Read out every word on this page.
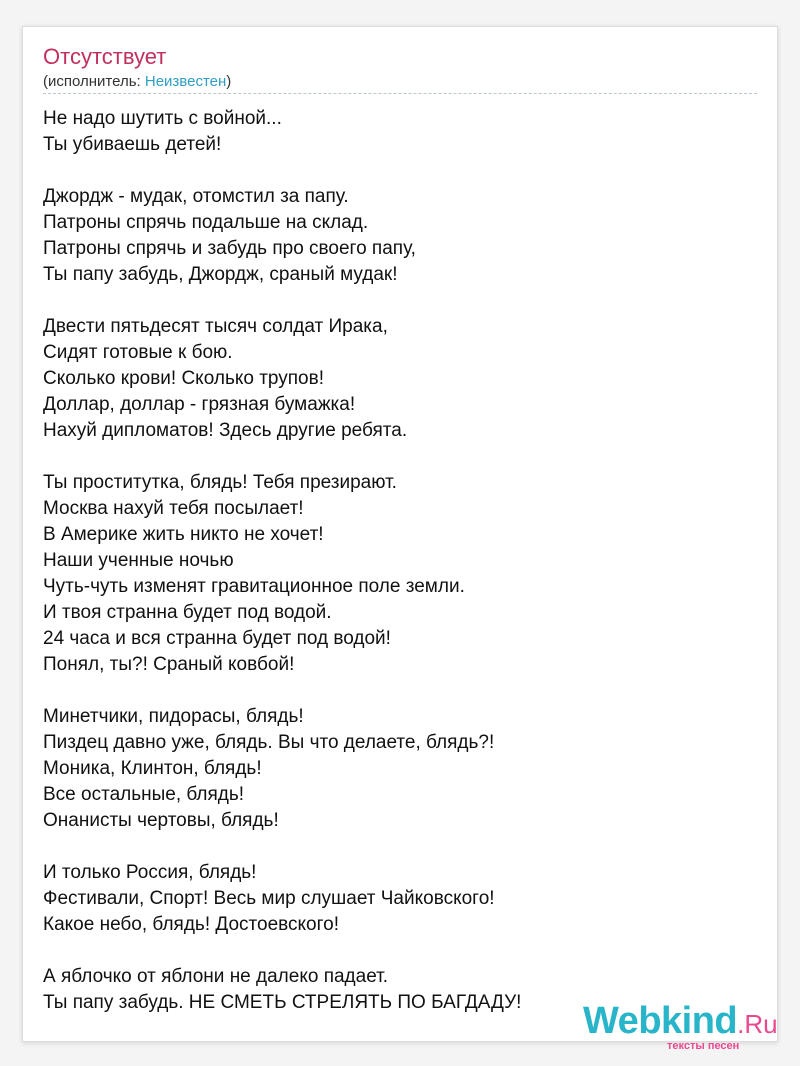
Отсутствует
(исполнитель: Неизвестен)
Не надо шутить с войной...
Ты убиваешь детей!
Джордж - мудак, отомстил за папу.
Патроны спрячь подальше на склад.
Патроны спрячь и забудь про своего папу,
Ты папу забудь, Джордж, сраный мудак!
Двести пятьдесят тысяч солдат Ирака,
Сидят готовые к бою.
Сколько крови! Сколько трупов!
Доллар, доллар - грязная бумажка!
Нахуй дипломатов! Здесь другие ребята.
Ты проститутка, блядь! Тебя презирают.
Москва нахуй тебя посылает!
В Америке жить никто не хочет!
Наши ученные ночью
Чуть-чуть изменят гравитационное поле земли.
И твоя странна будет под водой.
24 часа и вся странна будет под водой!
Понял, ты?! Сраный ковбой!
Минетчики, пидорасы, блядь!
Пиздец давно уже, блядь. Вы что делаете, блядь?!
Моника, Клинтон, блядь!
Все остальные, блядь!
Онанисты чертовы, блядь!
И только Россия, блядь!
Фестивали, Спорт! Весь мир слушает Чайковского!
Какое небо, блядь! Достоевского!
А яблочко от яблони не далеко падает.
Ты папу забудь. НЕ СМЕТЬ СТРЕЛЯТЬ ПО БАГДАДУ!	Webkind.Ru
тексты песен
